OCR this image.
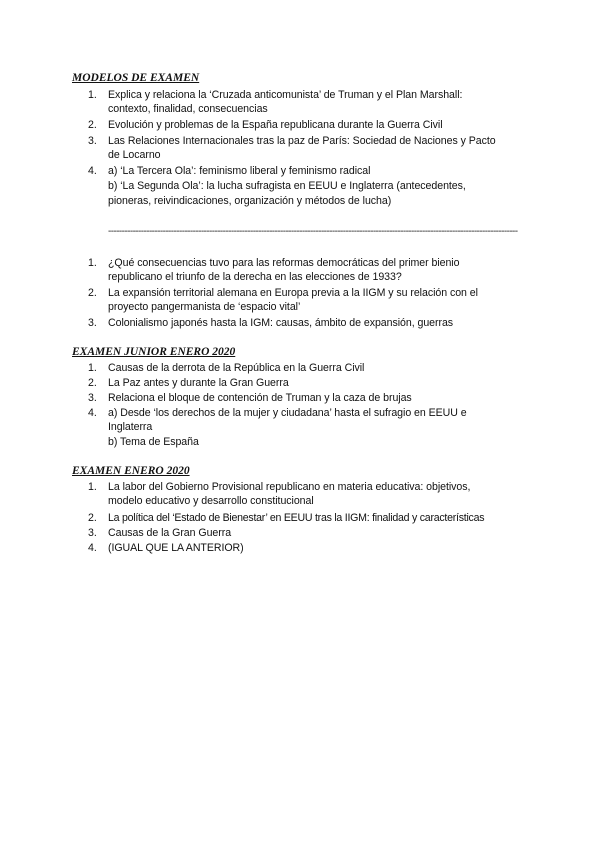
MODELOS DE EXAMEN
1.	Explica y relaciona la ‘Cruzada anticomunista’ de Truman y el Plan Marshall:
contexto, finalidad, consecuencias
2.	Evolución y problemas de la España republicana durante la Guerra Civil
3.	Las Relaciones Internacionales tras la paz de París: Sociedad de Naciones y Pacto
de Locarno
4.	a) ‘La Tercera Ola’: feminismo liberal y feminismo radical
b) ‘La Segunda Ola’: la lucha sufragista en EEUU e Inglaterra (antecedentes,
pioneras, reivindicaciones, organización y métodos de lucha)
------------------------------------------------------------------------------------------------------------------------------------------------------
1.	¿Qué consecuencias tuvo para las reformas democráticas del primer bienio
republicano el triunfo de la derecha en las elecciones de 1933?
2.	La expansión territorial alemana en Europa previa a la IIGM y su relación con el
proyecto pangermanista de ‘espacio vital’
3.	Colonialismo japonés hasta la IGM: causas, ámbito de expansión, guerras
EXAMEN JUNIOR ENERO 2020
1.	Causas de la derrota de la República en la Guerra Civil
2.	La Paz antes y durante la Gran Guerra
3.	Relaciona el bloque de contención de Truman y la caza de brujas
4.	a) Desde ‘los derechos de la mujer y ciudadana’ hasta el sufragio en EEUU e
Inglaterra
b) Tema de España
EXAMEN ENERO 2020
1.	La labor del Gobierno Provisional republicano en materia educativa: objetivos,
modelo educativo y desarrollo constitucional
2.	La política del ‘Estado de Bienestar’ en EEUU tras la IIGM: finalidad y características
3.	Causas de la Gran Guerra
4.	(IGUAL QUE LA ANTERIOR)
